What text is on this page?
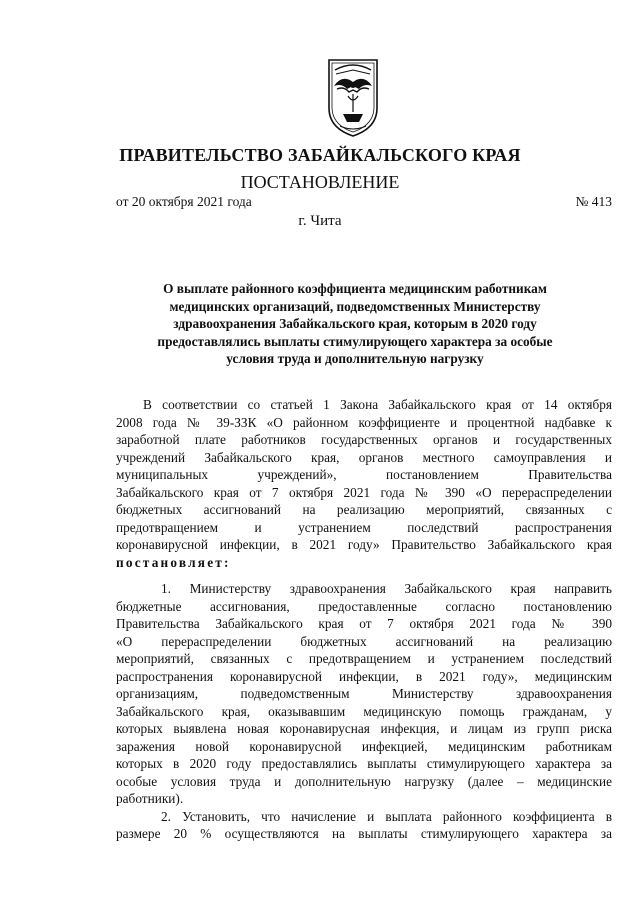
ПРАВИТЕЛЬСТВО ЗАБАЙКАЛЬСКОГО КРАЯ
ПОСТАНОВЛЕНИЕ
от 20 октября 2021 года	№ 413
г. Чита
О выплате районного коэффициента медицинским работникам
медицинских организаций, подведомственных Министерству
здравоохранения Забайкальского края, которым в 2020 году
предоставлялись выплаты стимулирующего характера за особые
условия труда и дополнительную нагрузку
В соответствии со статьей 1 Закона Забайкальского края от 14 октября
2008 года № 39-ЗЗК «О районном коэффициенте и процентной надбавке к
заработной плате работников государственных органов и государственных
учреждений Забайкальского края, органов местного самоуправления и
муниципальных учреждений», постановлением Правительства
Забайкальского края от 7 октября 2021 года № 390 «О перераспределении
бюджетных ассигнований на реализацию мероприятий, связанных с
предотвращением и устранением последствий распространения
коронавирусной инфекции, в 2021 году» Правительство Забайкальского края
постановляет:
1. Министерству здравоохранения Забайкальского края направить
бюджетные ассигнования, предоставленные согласно постановлению
Правительства Забайкальского края от 7 октября 2021 года № 390
«О перераспределении бюджетных ассигнований на реализацию
мероприятий, связанных с предотвращением и устранением последствий
распространения коронавирусной инфекции, в 2021 году», медицинским
организациям, подведомственным Министерству здравоохранения
Забайкальского края, оказывавшим медицинскую помощь гражданам, у
которых выявлена новая коронавирусная инфекция, и лицам из групп риска
заражения новой коронавирусной инфекцией, медицинским работникам
которых в 2020 году предоставлялись выплаты стимулирующего характера за
особые условия труда и дополнительную нагрузку (далее – медицинские
работники).
2. Установить, что начисление и выплата районного коэффициента в
размере 20 % осуществляются на выплаты стимулирующего характера за
